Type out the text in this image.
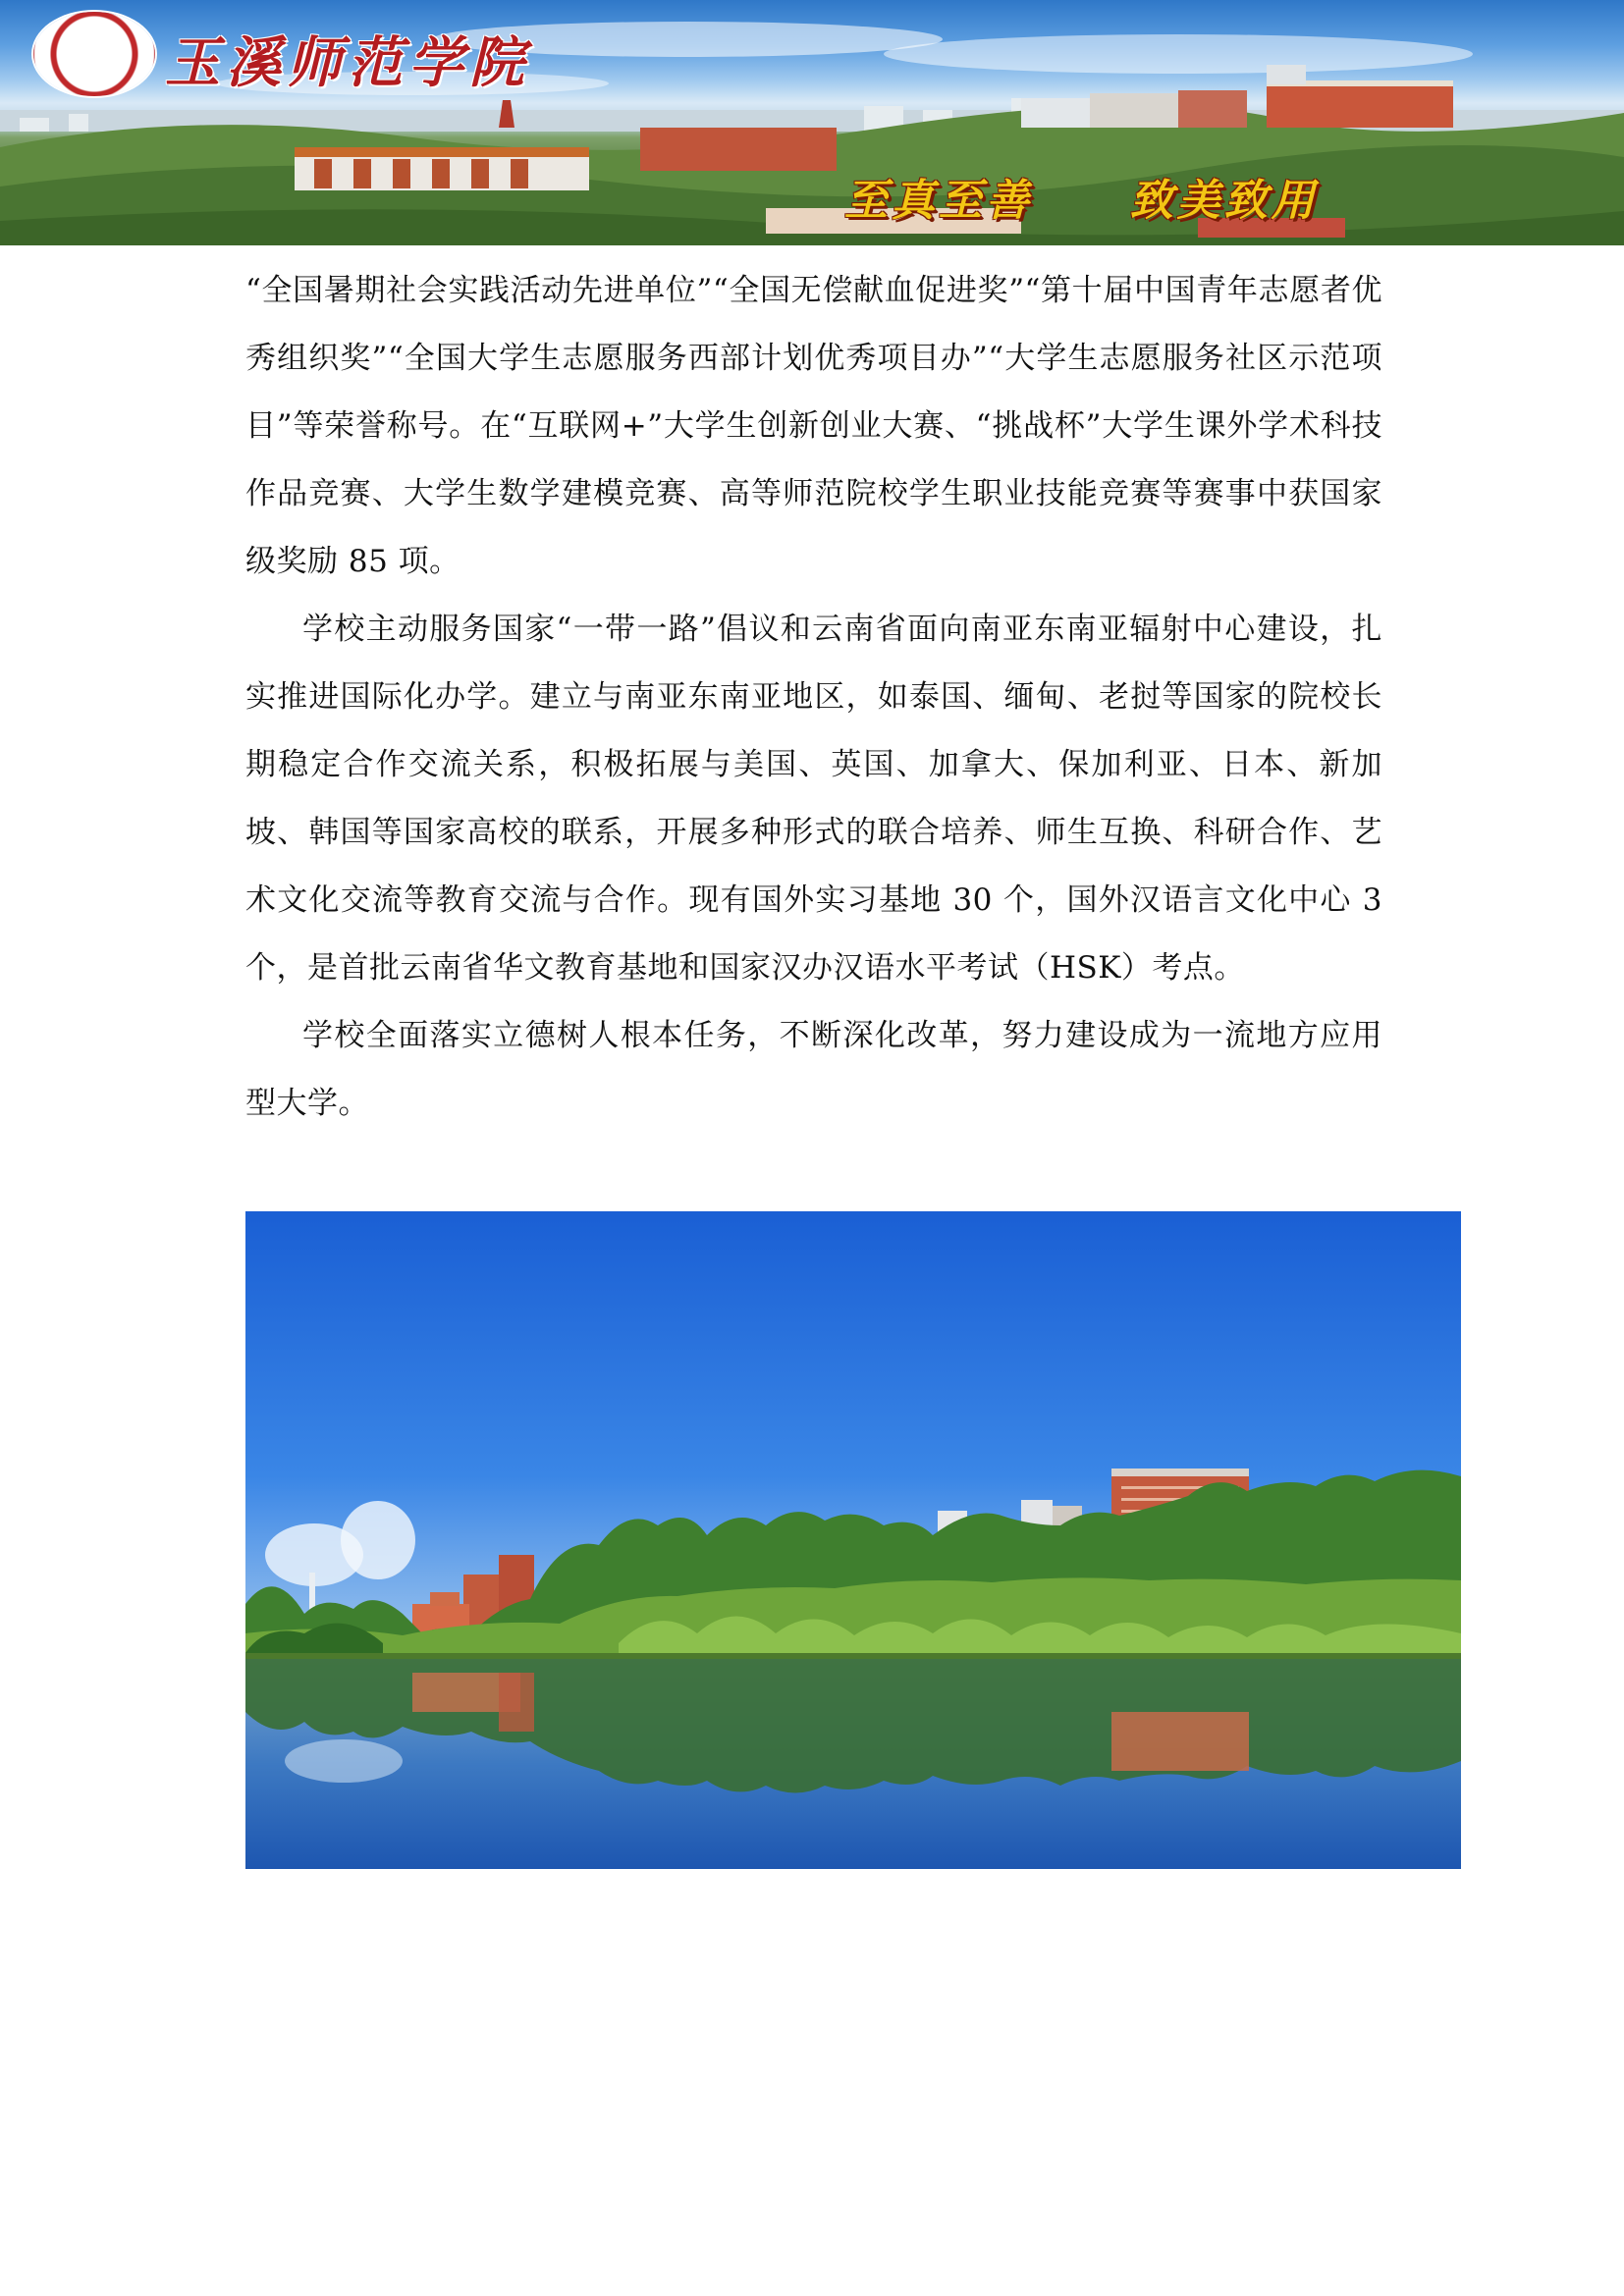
玉溪师范学院
至真至善  致美致用

“全国暑期社会实践活动先进单位”“全国无偿献血促进奖”“第十届中国青年志愿者优秀组织奖”“全国大学生志愿服务西部计划优秀项目办”“大学生志愿服务社区示范项目”等荣誉称号。在“互联网+”大学生创新创业大赛、“挑战杯”大学生课外学术科技作品竞赛、大学生数学建模竞赛、高等师范院校学生职业技能竞赛等赛事中获国家级奖励 85 项。

学校主动服务国家“一带一路”倡议和云南省面向南亚东南亚辐射中心建设，扎实推进国际化办学。建立与南亚东南亚地区，如泰国、缅甸、老挝等国家的院校长期稳定合作交流关系，积极拓展与美国、英国、加拿大、保加利亚、日本、新加坡、韩国等国家高校的联系，开展多种形式的联合培养、师生互换、科研合作、艺术文化交流等教育交流与合作。现有国外实习基地 30 个，国外汉语言文化中心 3 个，是首批云南省华文教育基地和国家汉办汉语水平考试（HSK）考点。

学校全面落实立德树人根本任务，不断深化改革，努力建设成为一流地方应用型大学。
